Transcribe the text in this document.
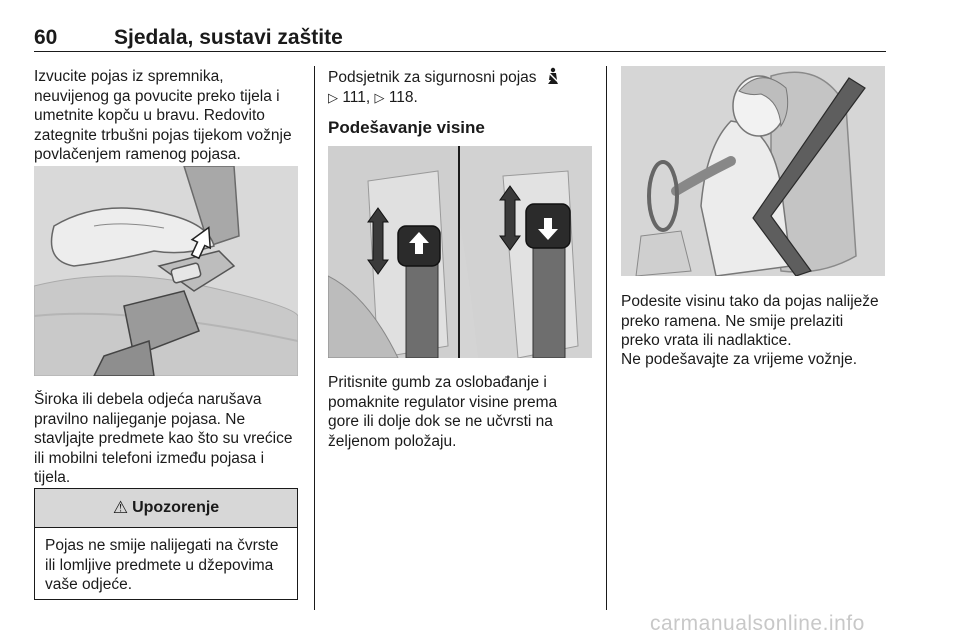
60	Sjedala, sustavi zaštite

Izvucite pojas iz spremnika,
neuvijenog ga povucite preko tijela i
umetnite kopču u bravu. Redovito
zategnite trbušni pojas tijekom vožnje
povlačenjem ramenog pojasa.

Široka ili debela odjeća narušava
pravilno nalijeganje pojasa. Ne
stavljajte predmete kao što su vrećice
ili mobilni telefoni između pojasa i
tijela.

⚠ Upozorenje

Pojas ne smije nalijegati na čvrste
ili lomljive predmete u džepovima
vaše odjeće.

Podsjetnik za sigurnosni pojas
▷ 111, ▷ 118.

Podešavanje visine

Pritisnite gumb za oslobađanje i
pomaknite regulator visine prema
gore ili dolje dok se ne učvrsti na
željenom položaju.

Podesite visinu tako da pojas naliježe
preko ramena. Ne smije prelaziti
preko vrata ili nadlaktice.

Ne podešavajte za vrijeme vožnje.

carmanualsonline.info
